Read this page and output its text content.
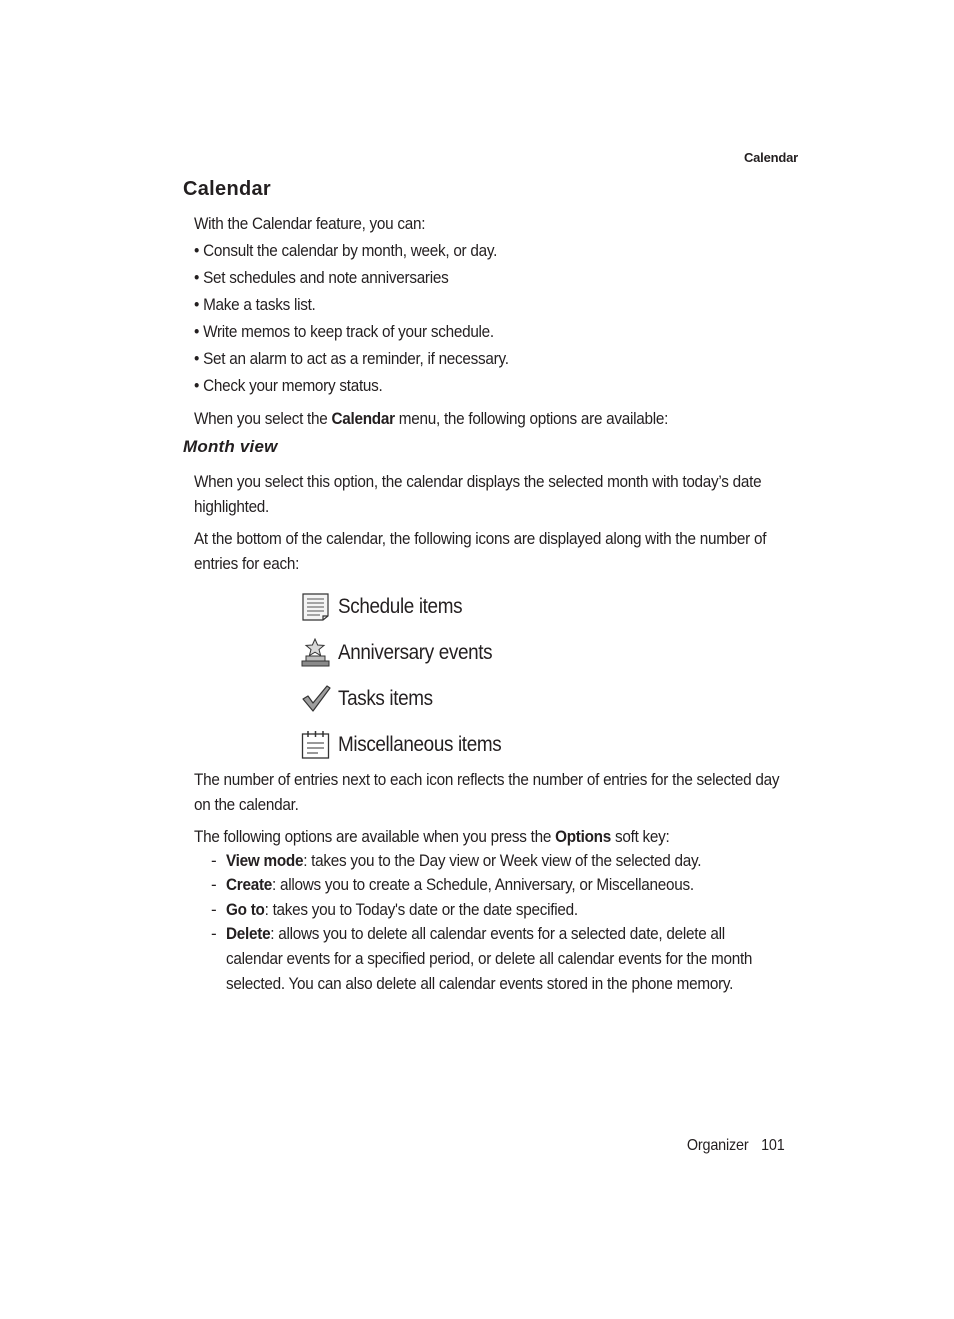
Calendar
Calendar
With the Calendar feature, you can:
• Consult the calendar by month, week, or day.
• Set schedules and note anniversaries
• Make a tasks list.
• Write memos to keep track of your schedule.
• Set an alarm to act as a reminder, if necessary.
• Check your memory status.
When you select the Calendar menu, the following options are available:
Month view
When you select this option, the calendar displays the selected month with today’s date highlighted.
At the bottom of the calendar, the following icons are displayed along with the number of entries for each:
Schedule items
Anniversary events
Tasks items
Miscellaneous items
The number of entries next to each icon reflects the number of entries for the selected day on the calendar.
The following options are available when you press the Options soft key:
- View mode: takes you to the Day view or Week view of the selected day.
- Create: allows you to create a Schedule, Anniversary, or Miscellaneous.
- Go to: takes you to Today's date or the date specified.
- Delete: allows you to delete all calendar events for a selected date, delete all calendar events for a specified period, or delete all calendar events for the month selected. You can also delete all calendar events stored in the phone memory.
Organizer 101
